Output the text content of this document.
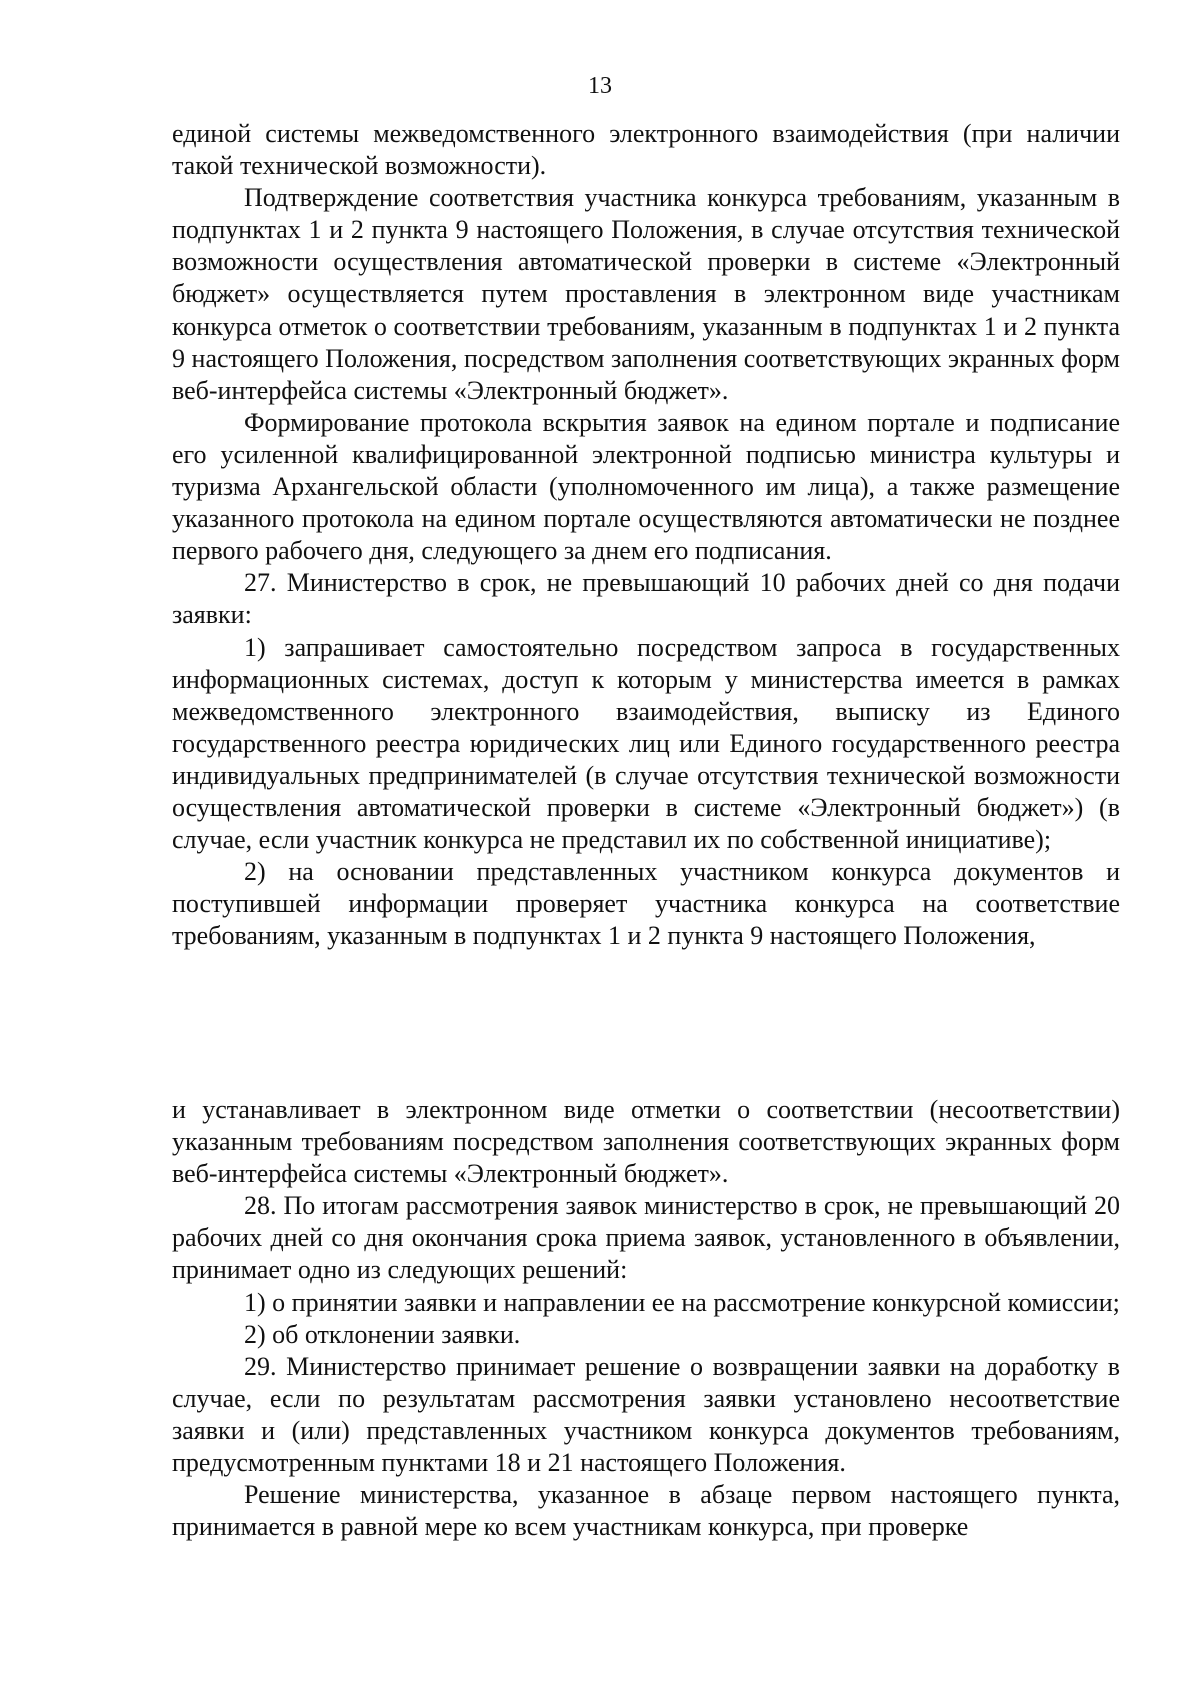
13

единой системы межведомственного электронного взаимодействия (при наличии такой технической возможности).

Подтверждение соответствия участника конкурса требованиям, указанным в подпунктах 1 и 2 пункта 9 настоящего Положения, в случае отсутствия технической возможности осуществления автоматической проверки в системе «Электронный бюджет» осуществляется путем проставления в электронном виде участникам конкурса отметок о соответствии требованиям, указанным в подпунктах 1 и 2 пункта 9 настоящего Положения, посредством заполнения соответствующих экранных форм веб-интерфейса системы «Электронный бюджет».

Формирование протокола вскрытия заявок на едином портале и подписание его усиленной квалифицированной электронной подписью министра культуры и туризма Архангельской области (уполномоченного им лица), а также размещение указанного протокола на едином портале осуществляются автоматически не позднее первого рабочего дня, следующего за днем его подписания.

27. Министерство в срок, не превышающий 10 рабочих дней со дня подачи заявки:

1) запрашивает самостоятельно посредством запроса в государственных информационных системах, доступ к которым у министерства имеется в рамках межведомственного электронного взаимодействия, выписку из Единого государственного реестра юридических лиц или Единого государственного реестра индивидуальных предпринимателей (в случае отсутствия технической возможности осуществления автоматической проверки в системе «Электронный бюджет») (в случае, если участник конкурса не представил их по собственной инициативе);

2) на основании представленных участником конкурса документов и поступившей информации проверяет участника конкурса на соответствие требованиям, указанным в подпунктах 1 и 2 пункта 9 настоящего Положения,

и устанавливает в электронном виде отметки о соответствии (несоответствии) указанным требованиям посредством заполнения соответствующих экранных форм веб-интерфейса системы «Электронный бюджет».

28. По итогам рассмотрения заявок министерство в срок, не превышающий 20 рабочих дней со дня окончания срока приема заявок, установленного в объявлении, принимает одно из следующих решений:

1) о принятии заявки и направлении ее на рассмотрение конкурсной комиссии;

2) об отклонении заявки.

29. Министерство принимает решение о возвращении заявки на доработку в случае, если по результатам рассмотрения заявки установлено несоответствие заявки и (или) представленных участником конкурса документов требованиям, предусмотренным пунктами 18 и 21 настоящего Положения.

Решение министерства, указанное в абзаце первом настоящего пункта, принимается в равной мере ко всем участникам конкурса, при проверке
